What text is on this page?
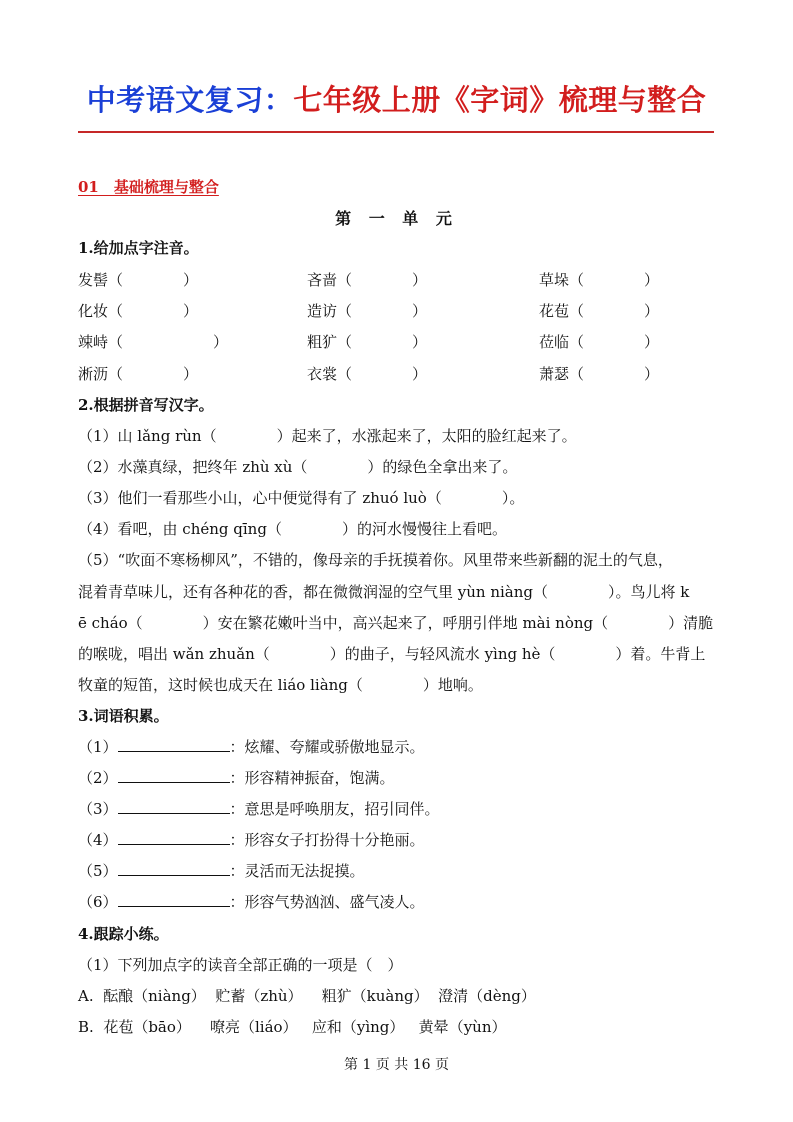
中考语文复习：七年级上册《字词》梳理与整合
01　基础梳理与整合
第 一 单 元
1.给加点字注音。
发髻（　　　　）	吝啬（　　　　）	草垛（　　　　）
化妆（　　　　）	造访（　　　　）	花苞（　　　　）
竦峙（　　　　　　）	粗犷（　　　　）	莅临（　　　　）
淅沥（　　　　）	衣裳（　　　　）	萧瑟（　　　　）
2.根据拼音写汉字。
（1）山 lǎng rùn（　　　　）起来了，水涨起来了，太阳的脸红起来了。
（2）水藻真绿，把终年 zhù xù（　　　　）的绿色全拿出来了。
（3）他们一看那些小山，心中便觉得有了 zhuó luò（　　　　）。
（4）看吧，由 chéng qīng（　　　　）的河水慢慢往上看吧。
（5）“吹面不寒杨柳风”，不错的，像母亲的手抚摸着你。风里带来些新翻的泥土的气息，
混着青草味儿，还有各种花的香，都在微微润湿的空气里 yùn niàng（　　　　）。鸟儿将 k
ē cháo（　　　　）安在繁花嫩叶当中，高兴起来了，呼朋引伴地 mài nòng（　　　　）清脆
的喉咙，唱出 wǎn zhuǎn（　　　　）的曲子，与轻风流水 yìng hè（　　　　）着。牛背上
牧童的短笛，这时候也成天在 liáo liàng（　　　　）地响。
3.词语积累。
（1）	：炫耀、夸耀或骄傲地显示。
（2）	：形容精神振奋，饱满。
（3）	：意思是呼唤朋友，招引同伴。
（4）	：形容女子打扮得十分艳丽。
（5）	：灵活而无法捉摸。
（6）	：形容气势汹汹、盛气凌人。
4.跟踪小练。
（1）下列加点字的读音全部正确的一项是（　）
A.  酝酿（niàng）  贮蓄（zhù）    粗犷（kuàng）  澄清（dèng）
B.  花苞（bāo）    嘹亮（liáo）   应和（yìng）   黄晕（yùn）
第 1 页 共 16 页
